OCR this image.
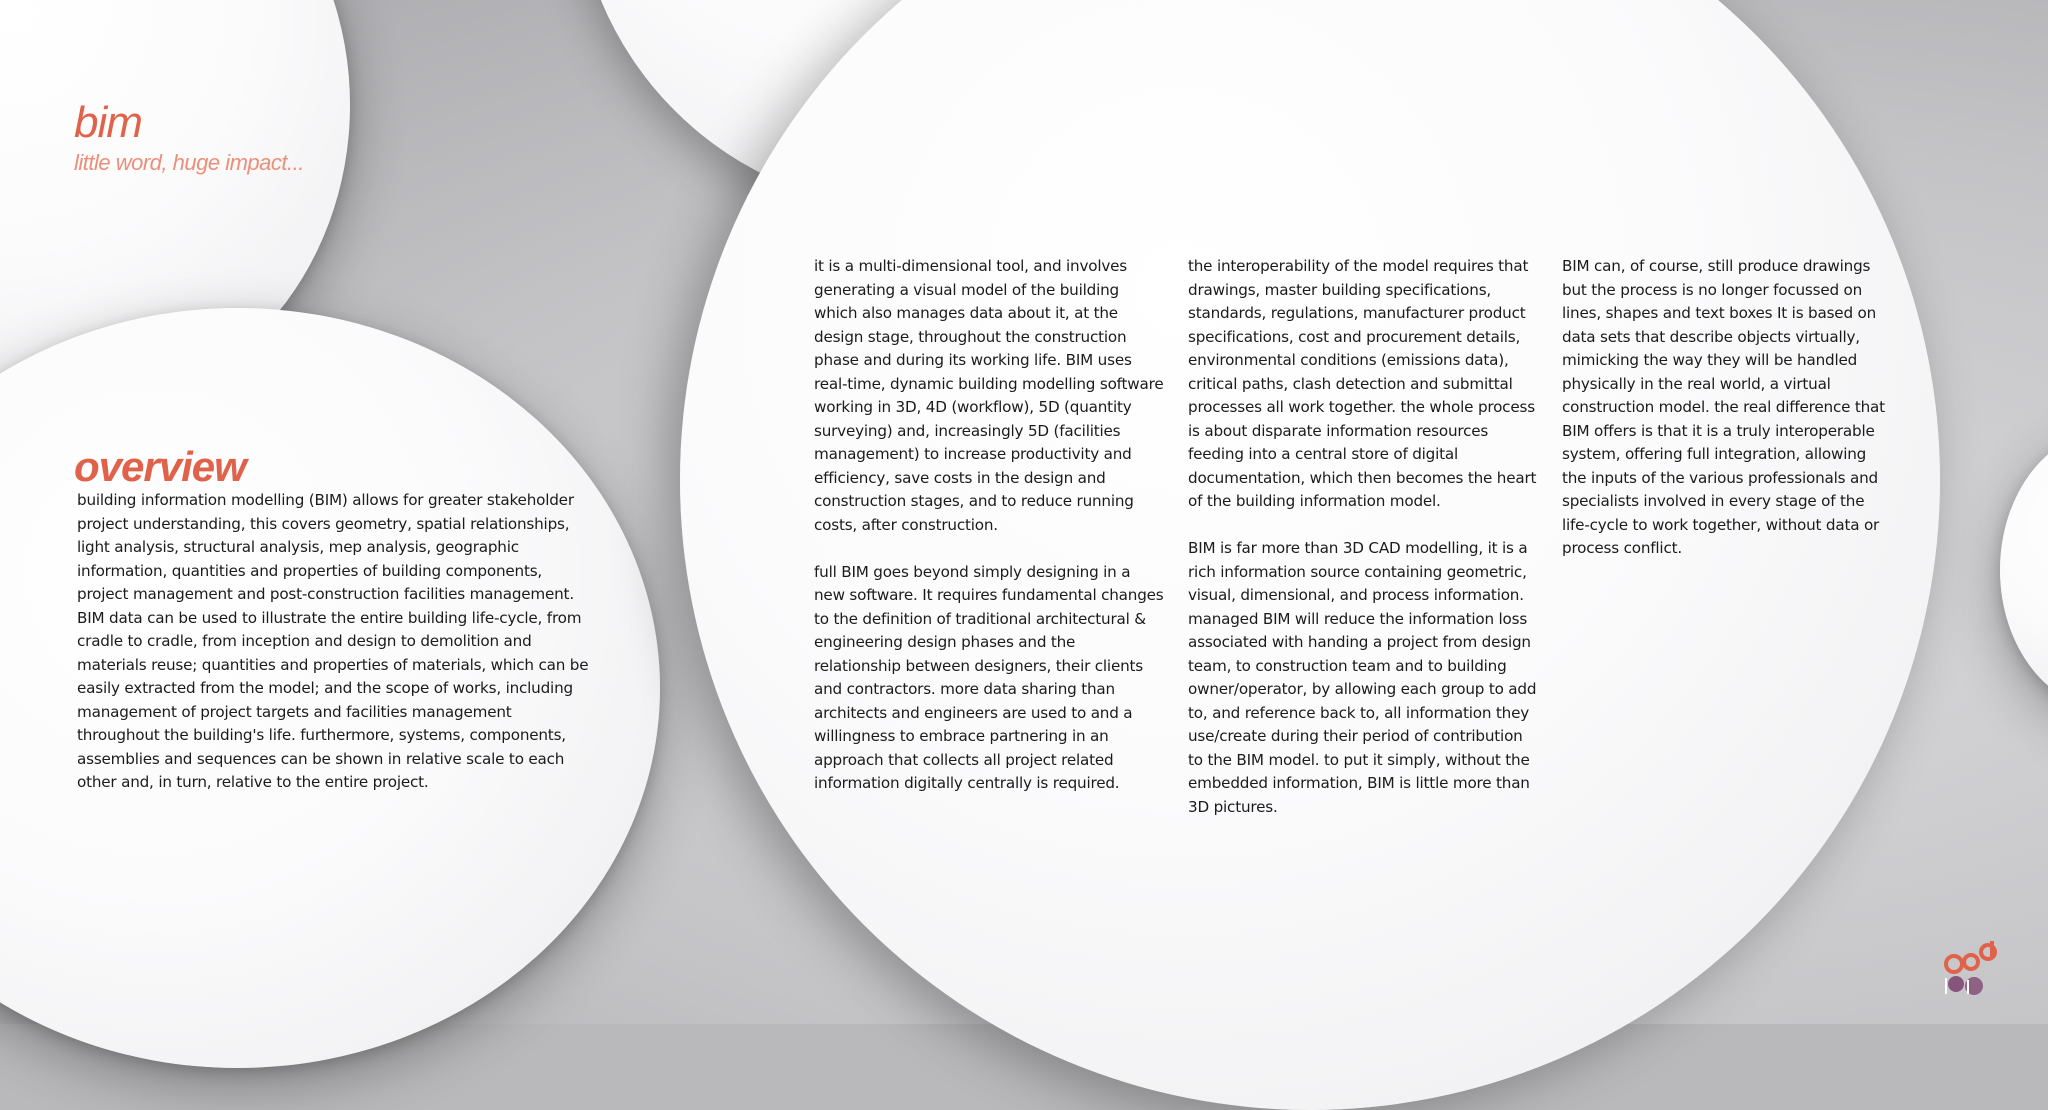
bim
little word, huge impact...
overview

building information modelling (BIM) allows for greater stakeholder project understanding, this covers geometry, spatial relationships, light analysis, structural analysis, mep analysis, geographic information, quantities and properties of building components, project management and post-construction facilities management. BIM data can be used to illustrate the entire building life-cycle, from cradle to cradle, from inception and design to demolition and materials reuse; quantities and properties of materials, which can be easily extracted from the model; and the scope of works, including management of project targets and facilities management throughout the building's life. furthermore, systems, components, assemblies and sequences can be shown in relative scale to each other and, in turn, relative to the entire project.

it is a multi-dimensional tool, and involves generating a visual model of the building which also manages data about it, at the design stage, throughout the construction phase and during its working life. BIM uses real-time, dynamic building modelling software working in 3D, 4D (workflow), 5D (quantity surveying) and, increasingly 5D (facilities management) to increase productivity and efficiency, save costs in the design and construction stages, and to reduce running costs, after construction.

full BIM goes beyond simply designing in a new software. It requires fundamental changes to the definition of traditional architectural & engineering design phases and the relationship between designers, their clients and contractors. more data sharing than architects and engineers are used to and a willingness to embrace partnering in an approach that collects all project related information digitally centrally is required.

the interoperability of the model requires that drawings, master building specifications, standards, regulations, manufacturer product specifications, cost and procurement details, environmental conditions (emissions data), critical paths, clash detection and submittal processes all work together. the whole process is about disparate information resources feeding into a central store of digital documentation, which then becomes the heart of the building information model.

BIM is far more than 3D CAD modelling, it is a rich information source containing geometric, visual, dimensional, and process information. managed BIM will reduce the information loss associated with handing a project from design team, to construction team and to building owner/operator, by allowing each group to add to, and reference back to, all information they use/create during their period of contribution to the BIM model. to put it simply, without the embedded information, BIM is little more than 3D pictures.

BIM can, of course, still produce drawings but the process is no longer focussed on lines, shapes and text boxes It is based on data sets that describe objects virtually, mimicking the way they will be handled physically in the real world, a virtual construction model. the real difference that BIM offers is that it is a truly interoperable system, offering full integration, allowing the inputs of the various professionals and specialists involved in every stage of the life-cycle to work together, without data or process conflict.
